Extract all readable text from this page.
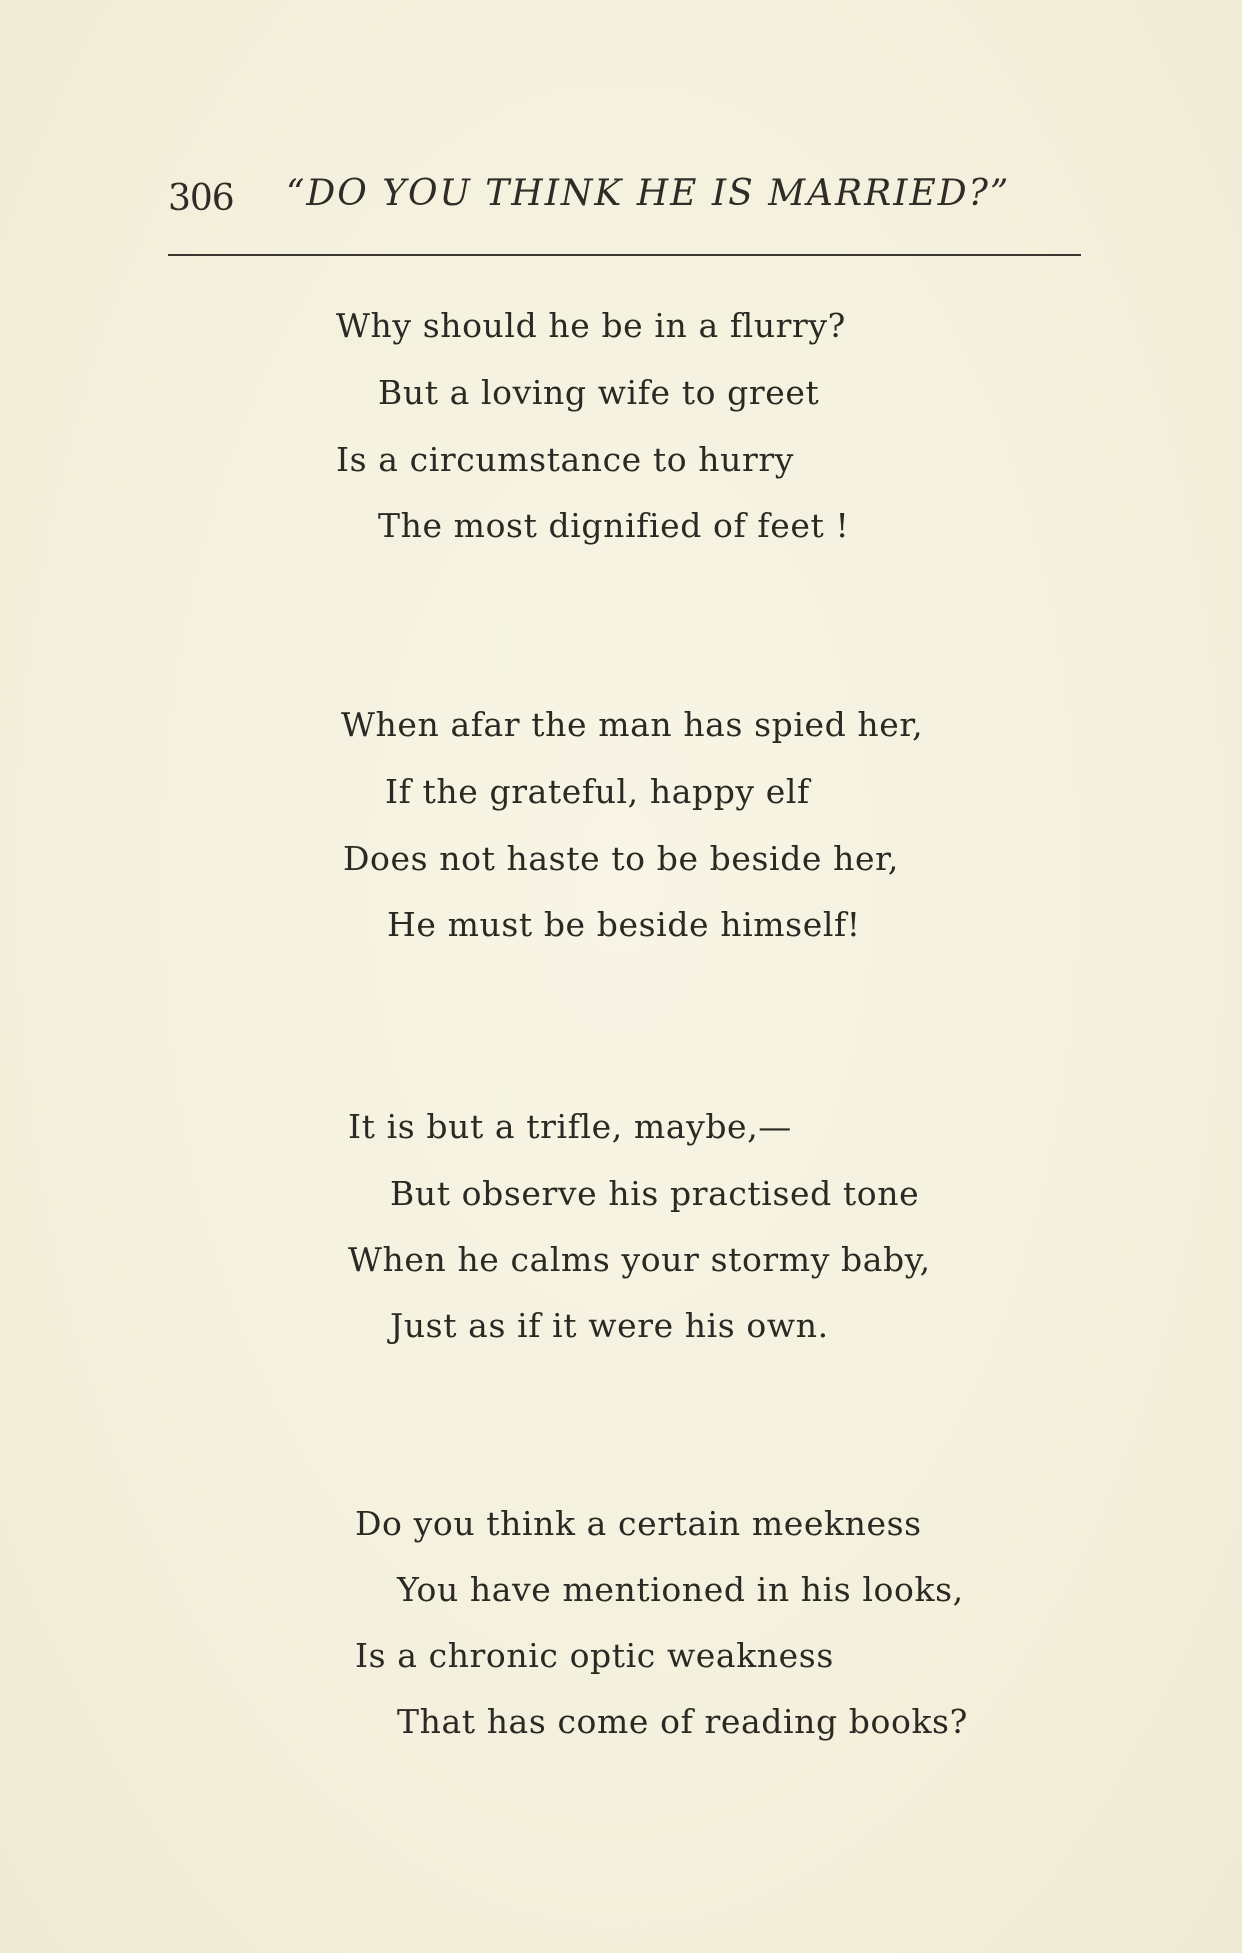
306 “DO YOU THINK HE IS MARRIED?”
Why should he be in a flurry?
But a loving wife to greet
Is a circumstance to hurry
The most dignified of feet !
When afar the man has spied her,
If the grateful, happy elf
Does not haste to be beside her,
He must be beside himself!
It is but a trifle, maybe,—
But observe his practised tone
When he calms your stormy baby,
Just as if it were his own.
Do you think a certain meekness
You have mentioned in his looks,
Is a chronic optic weakness
That has come of reading books?
